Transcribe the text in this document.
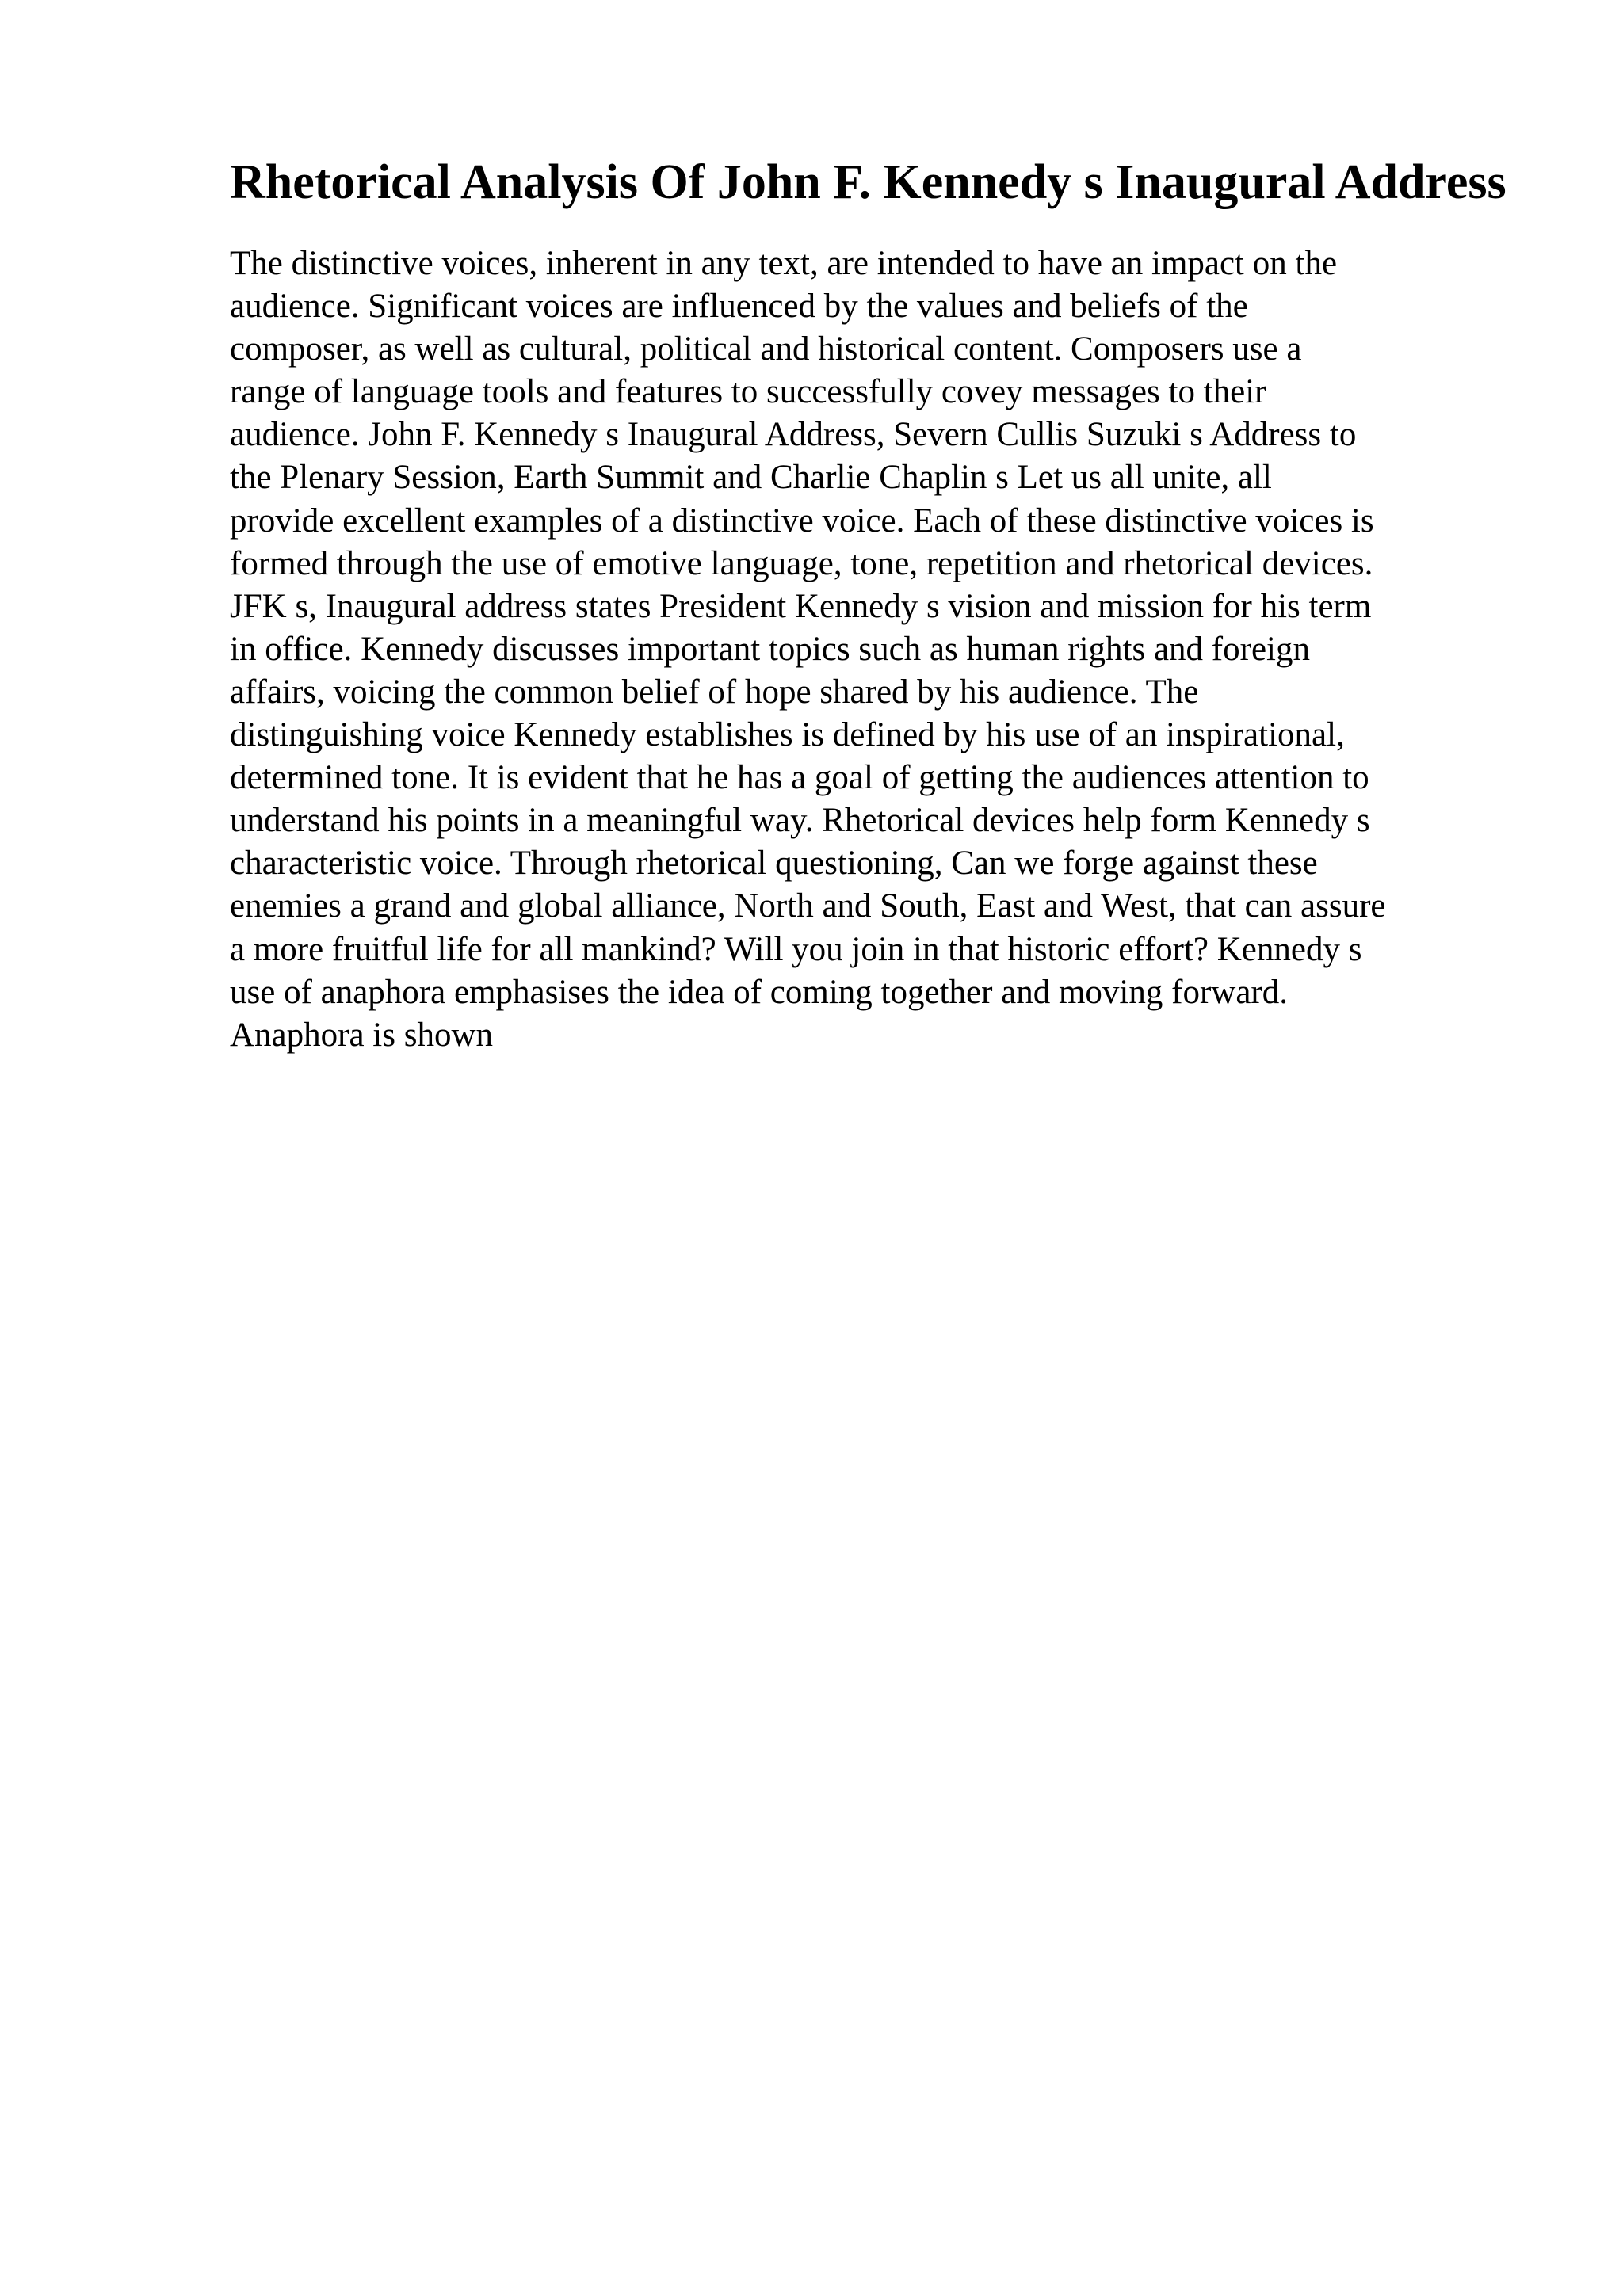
Rhetorical Analysis Of John F. Kennedy s Inaugural Address
The distinctive voices, inherent in any text, are intended to have an impact on the
audience. Significant voices are influenced by the values and beliefs of the
composer, as well as cultural, political and historical content. Composers use a
range of language tools and features to successfully covey messages to their
audience. John F. Kennedy s Inaugural Address, Severn Cullis Suzuki s Address to
the Plenary Session, Earth Summit and Charlie Chaplin s Let us all unite, all
provide excellent examples of a distinctive voice. Each of these distinctive voices is
formed through the use of emotive language, tone, repetition and rhetorical devices.
JFK s, Inaugural address states President Kennedy s vision and mission for his term
in office. Kennedy discusses important topics such as human rights and foreign
affairs, voicing the common belief of hope shared by his audience. The
distinguishing voice Kennedy establishes is defined by his use of an inspirational,
determined tone. It is evident that he has a goal of getting the audiences attention to
understand his points in a meaningful way. Rhetorical devices help form Kennedy s
characteristic voice. Through rhetorical questioning, Can we forge against these
enemies a grand and global alliance, North and South, East and West, that can assure
a more fruitful life for all mankind? Will you join in that historic effort? Kennedy s
use of anaphora emphasises the idea of coming together and moving forward.
Anaphora is shown
